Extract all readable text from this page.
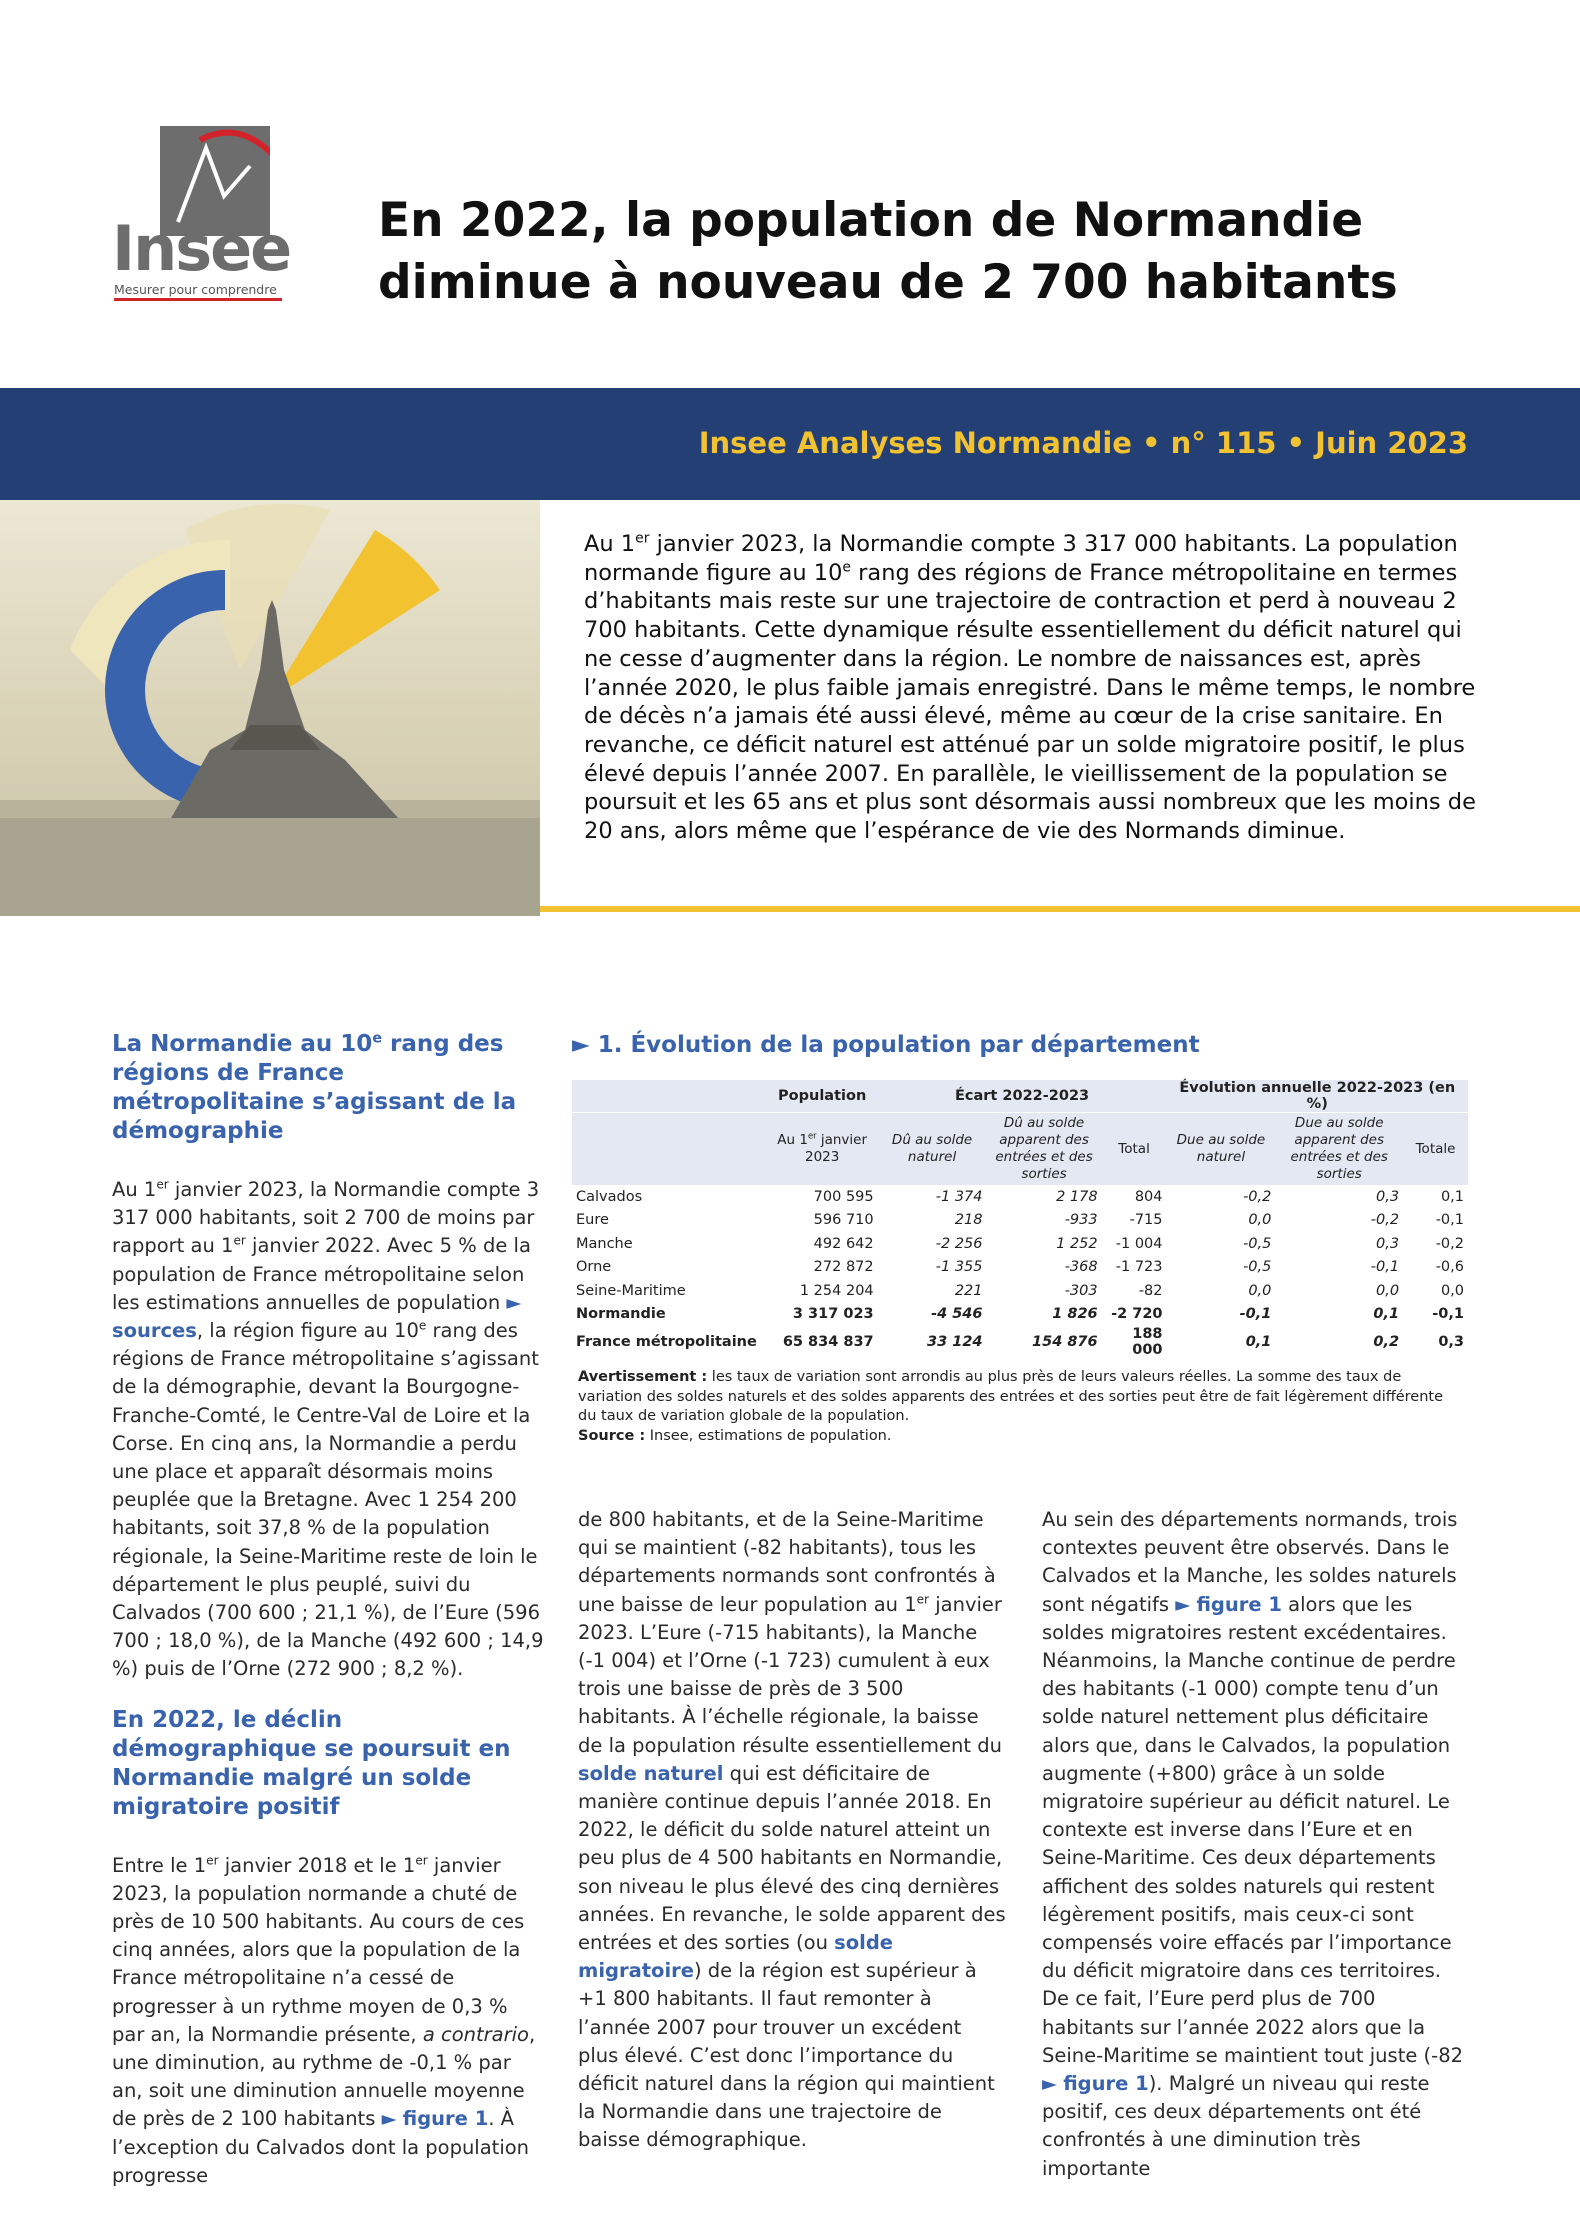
Insee
Mesurer pour comprendre
En 2022, la population de Normandie diminue à nouveau de 2 700 habitants
Insee Analyses Normandie • n° 115 • Juin 2023

Au 1er janvier 2023, la Normandie compte 3 317 000 habitants. La population normande figure au 10e rang des régions de France métropolitaine en termes d’habitants mais reste sur une trajectoire de contraction et perd à nouveau 2 700 habitants. Cette dynamique résulte essentiellement du déficit naturel qui ne cesse d’augmenter dans la région. Le nombre de naissances est, après l’année 2020, le plus faible jamais enregistré. Dans le même temps, le nombre de décès n’a jamais été aussi élevé, même au cœur de la crise sanitaire. En revanche, ce déficit naturel est atténué par un solde migratoire positif, le plus élevé depuis l’année 2007. En parallèle, le vieillissement de la population se poursuit et les 65 ans et plus sont désormais aussi nombreux que les moins de 20 ans, alors même que l’espérance de vie des Normands diminue.

La Normandie au 10e rang des régions de France métropolitaine s’agissant de la démographie

Au 1er janvier 2023, la Normandie compte 3 317 000 habitants, soit 2 700 de moins par rapport au 1er janvier 2022. Avec 5 % de la population de France métropolitaine selon les estimations annuelles de population ► sources, la région figure au 10e rang des régions de France métropolitaine s’agissant de la démographie, devant la Bourgogne-Franche-Comté, le Centre-Val de Loire et la Corse. En cinq ans, la Normandie a perdu une place et apparaît désormais moins peuplée que la Bretagne. Avec 1 254 200 habitants, soit 37,8 % de la population régionale, la Seine-Maritime reste de loin le département le plus peuplé, suivi du Calvados (700 600 ; 21,1 %), de l’Eure (596 700 ; 18,0 %), de la Manche (492 600 ; 14,9 %) puis de l’Orne (272 900 ; 8,2 %).

En 2022, le déclin démographique se poursuit en Normandie malgré un solde migratoire positif

Entre le 1er janvier 2018 et le 1er janvier 2023, la population normande a chuté de près de 10 500 habitants. Au cours de ces cinq années, alors que la population de la France métropolitaine n’a cessé de progresser à un rythme moyen de 0,3 % par an, la Normandie présente, a contrario, une diminution, au rythme de -0,1 % par an, soit une diminution annuelle moyenne de près de 2 100 habitants ► figure 1. À l’exception du Calvados dont la population progresse

► 1. Évolution de la population par département
	Population	Écart 2022-2023			Évolution annuelle 2022-2023 (en %)		
	Au 1er janvier 2023	Dû au solde naturel	Dû au solde apparent des entrées et des sorties	Total	Due au solde naturel	Due au solde apparent des entrées et des sorties	Totale
Calvados	700 595	-1 374	2 178	804	-0,2	0,3	0,1
Eure	596 710	218	-933	-715	0,0	-0,2	-0,1
Manche	492 642	-2 256	1 252	-1 004	-0,5	0,3	-0,2
Orne	272 872	-1 355	-368	-1 723	-0,5	-0,1	-0,6
Seine-Maritime	1 254 204	221	-303	-82	0,0	0,0	0,0
Normandie	3 317 023	-4 546	1 826	-2 720	-0,1	0,1	-0,1
France métropolitaine	65 834 837	33 124	154 876	188 000	0,1	0,2	0,3
Avertissement : les taux de variation sont arrondis au plus près de leurs valeurs réelles. La somme des taux de variation des soldes naturels et des soldes apparents des entrées et des sorties peut être de fait légèrement différente du taux de variation globale de la population.
Source : Insee, estimations de population.

de 800 habitants, et de la Seine-Maritime qui se maintient (-82 habitants), tous les départements normands sont confrontés à une baisse de leur population au 1er janvier 2023. L’Eure (-715 habitants), la Manche (-1 004) et l’Orne (-1 723) cumulent à eux trois une baisse de près de 3 500 habitants. À l’échelle régionale, la baisse de la population résulte essentiellement du solde naturel qui est déficitaire de manière continue depuis l’année 2018. En 2022, le déficit du solde naturel atteint un peu plus de 4 500 habitants en Normandie, son niveau le plus élevé des cinq dernières années. En revanche, le solde apparent des entrées et des sorties (ou solde migratoire) de la région est supérieur à +1 800 habitants. Il faut remonter à l’année 2007 pour trouver un excédent plus élevé. C’est donc l’importance du déficit naturel dans la région qui maintient la Normandie dans une trajectoire de baisse démographique.

Au sein des départements normands, trois contextes peuvent être observés. Dans le Calvados et la Manche, les soldes naturels sont négatifs ► figure 1 alors que les soldes migratoires restent excédentaires. Néanmoins, la Manche continue de perdre des habitants (-1 000) compte tenu d’un solde naturel nettement plus déficitaire alors que, dans le Calvados, la population augmente (+800) grâce à un solde migratoire supérieur au déficit naturel. Le contexte est inverse dans l’Eure et en Seine-Maritime. Ces deux départements affichent des soldes naturels qui restent légèrement positifs, mais ceux-ci sont compensés voire effacés par l’importance du déficit migratoire dans ces territoires. De ce fait, l’Eure perd plus de 700 habitants sur l’année 2022 alors que la Seine-Maritime se maintient tout juste (-82 ► figure 1). Malgré un niveau qui reste positif, ces deux départements ont été confrontés à une diminution très importante
